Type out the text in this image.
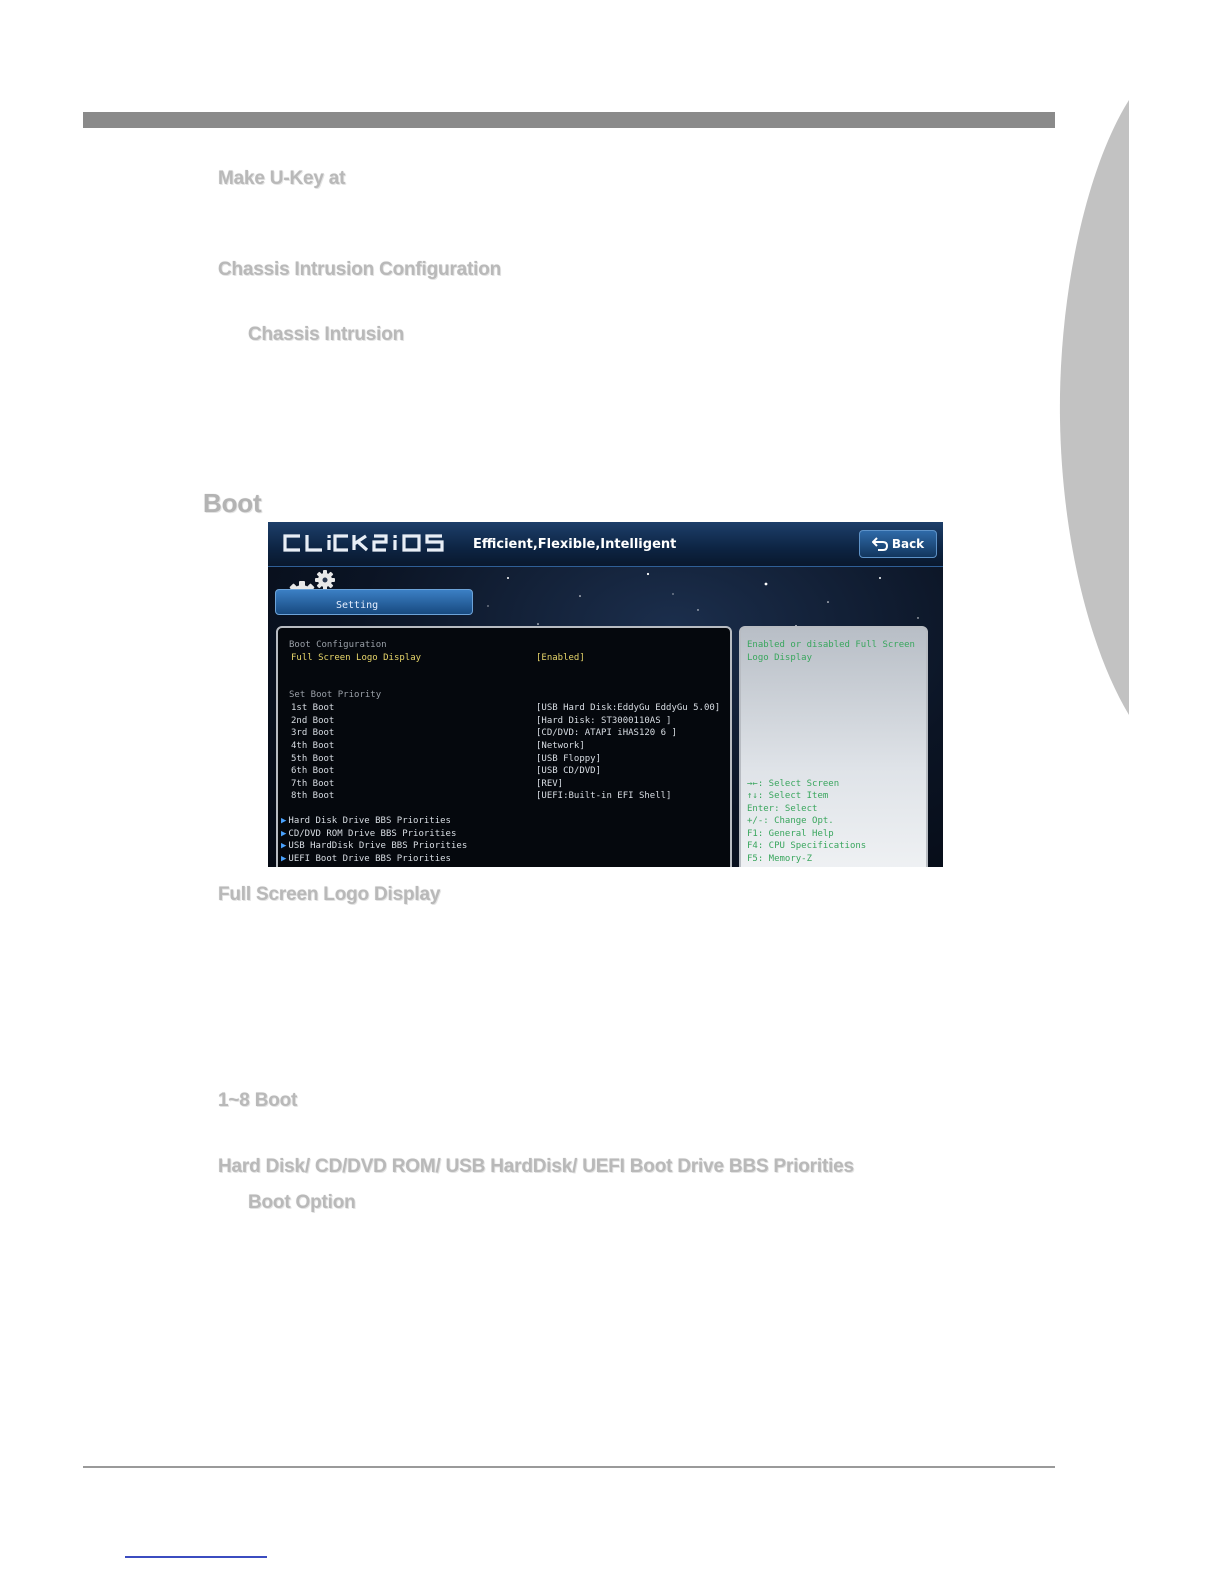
Make U-Key at
Chassis Intrusion Configuration
Chassis Intrusion
Boot
Efficient,Flexible,Intelligent	Back
Setting
Boot Configuration
Full Screen Logo Display	[Enabled]
Set Boot Priority
1st Boot	[USB Hard Disk:EddyGu EddyGu 5.00]
2nd Boot	[Hard Disk: ST3000110AS ]
3rd Boot	[CD/DVD: ATAPI iHAS120 6 ]
4th Boot	[Network]
5th Boot	[USB Floppy]
6th Boot	[USB CD/DVD]
7th Boot	[REV]
8th Boot	[UEFI:Built-in EFI Shell]
▶ Hard Disk Drive BBS Priorities
▶ CD/DVD ROM Drive BBS Priorities
▶ USB HardDisk Drive BBS Priorities
▶ UEFI Boot Drive BBS Priorities
Enabled or disabled Full Screen
Logo Display
→←: Select Screen
↑↓: Select Item
Enter: Select
+/-: Change Opt.
F1: General Help
F4: CPU Specifications
F5: Memory-Z
Full Screen Logo Display
1~8 Boot
Hard Disk/ CD/DVD ROM/ USB HardDisk/ UEFI Boot Drive BBS Priorities
Boot Option
